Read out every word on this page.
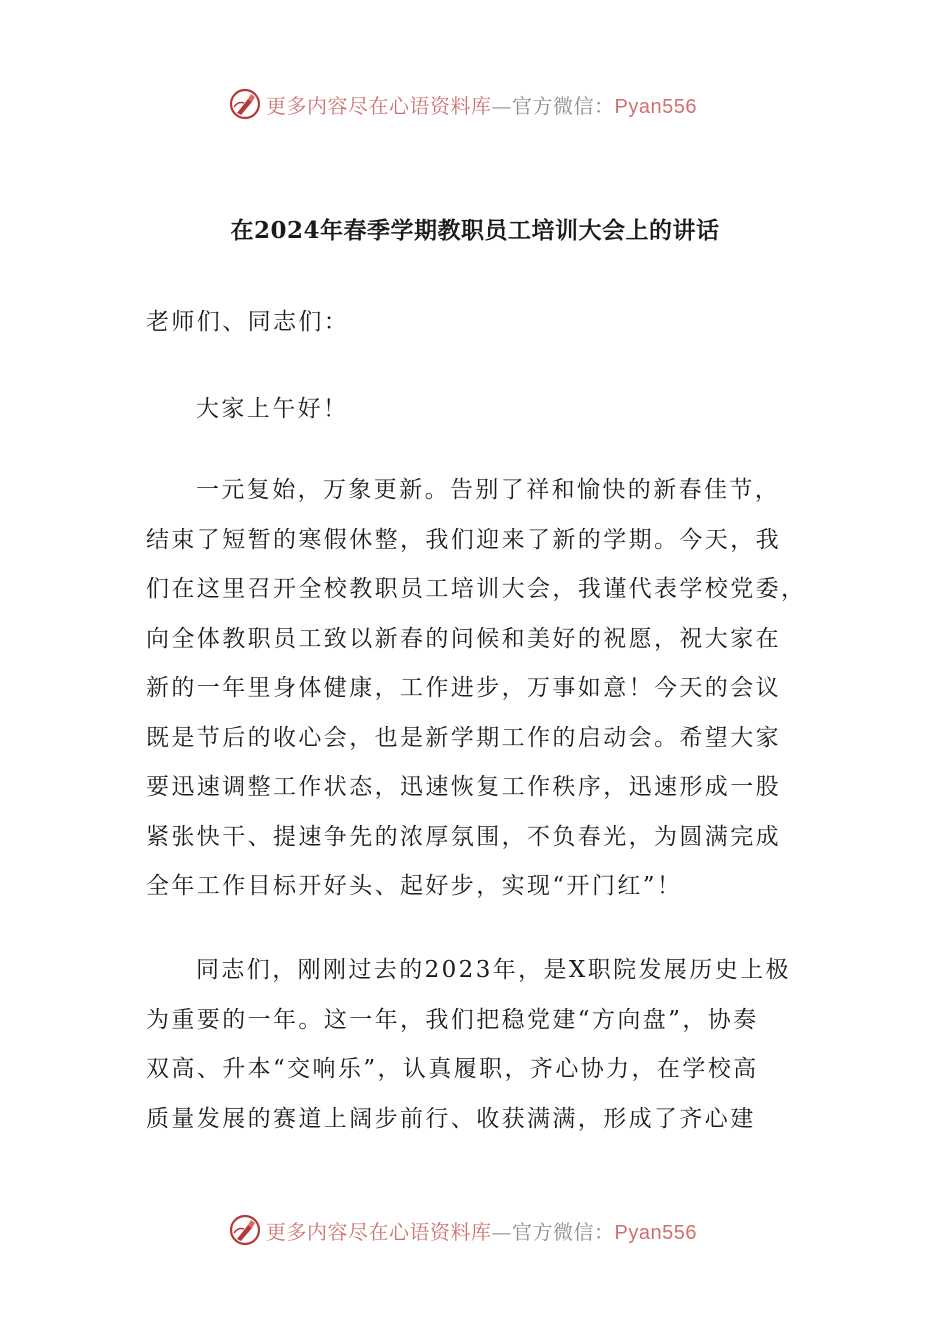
更多内容尽在心语资料库—官方微信：Pyan556
在2024年春季学期教职员工培训大会上的讲话
老师们、同志们：
大家上午好！
一元复始，万象更新。告别了祥和愉快的新春佳节，
结束了短暂的寒假休整，我们迎来了新的学期。今天，我
们在这里召开全校教职员工培训大会，我谨代表学校党委，
向全体教职员工致以新春的问候和美好的祝愿，祝大家在
新的一年里身体健康，工作进步，万事如意！今天的会议
既是节后的收心会，也是新学期工作的启动会。希望大家
要迅速调整工作状态，迅速恢复工作秩序，迅速形成一股
紧张快干、提速争先的浓厚氛围，不负春光，为圆满完成
全年工作目标开好头、起好步，实现“开门红”！
同志们，刚刚过去的2023年，是X职院发展历史上极
为重要的一年。这一年，我们把稳党建“方向盘”，协奏
双高、升本“交响乐”，认真履职，齐心协力，在学校高
质量发展的赛道上阔步前行、收获满满，形成了齐心建
更多内容尽在心语资料库—官方微信：Pyan556
